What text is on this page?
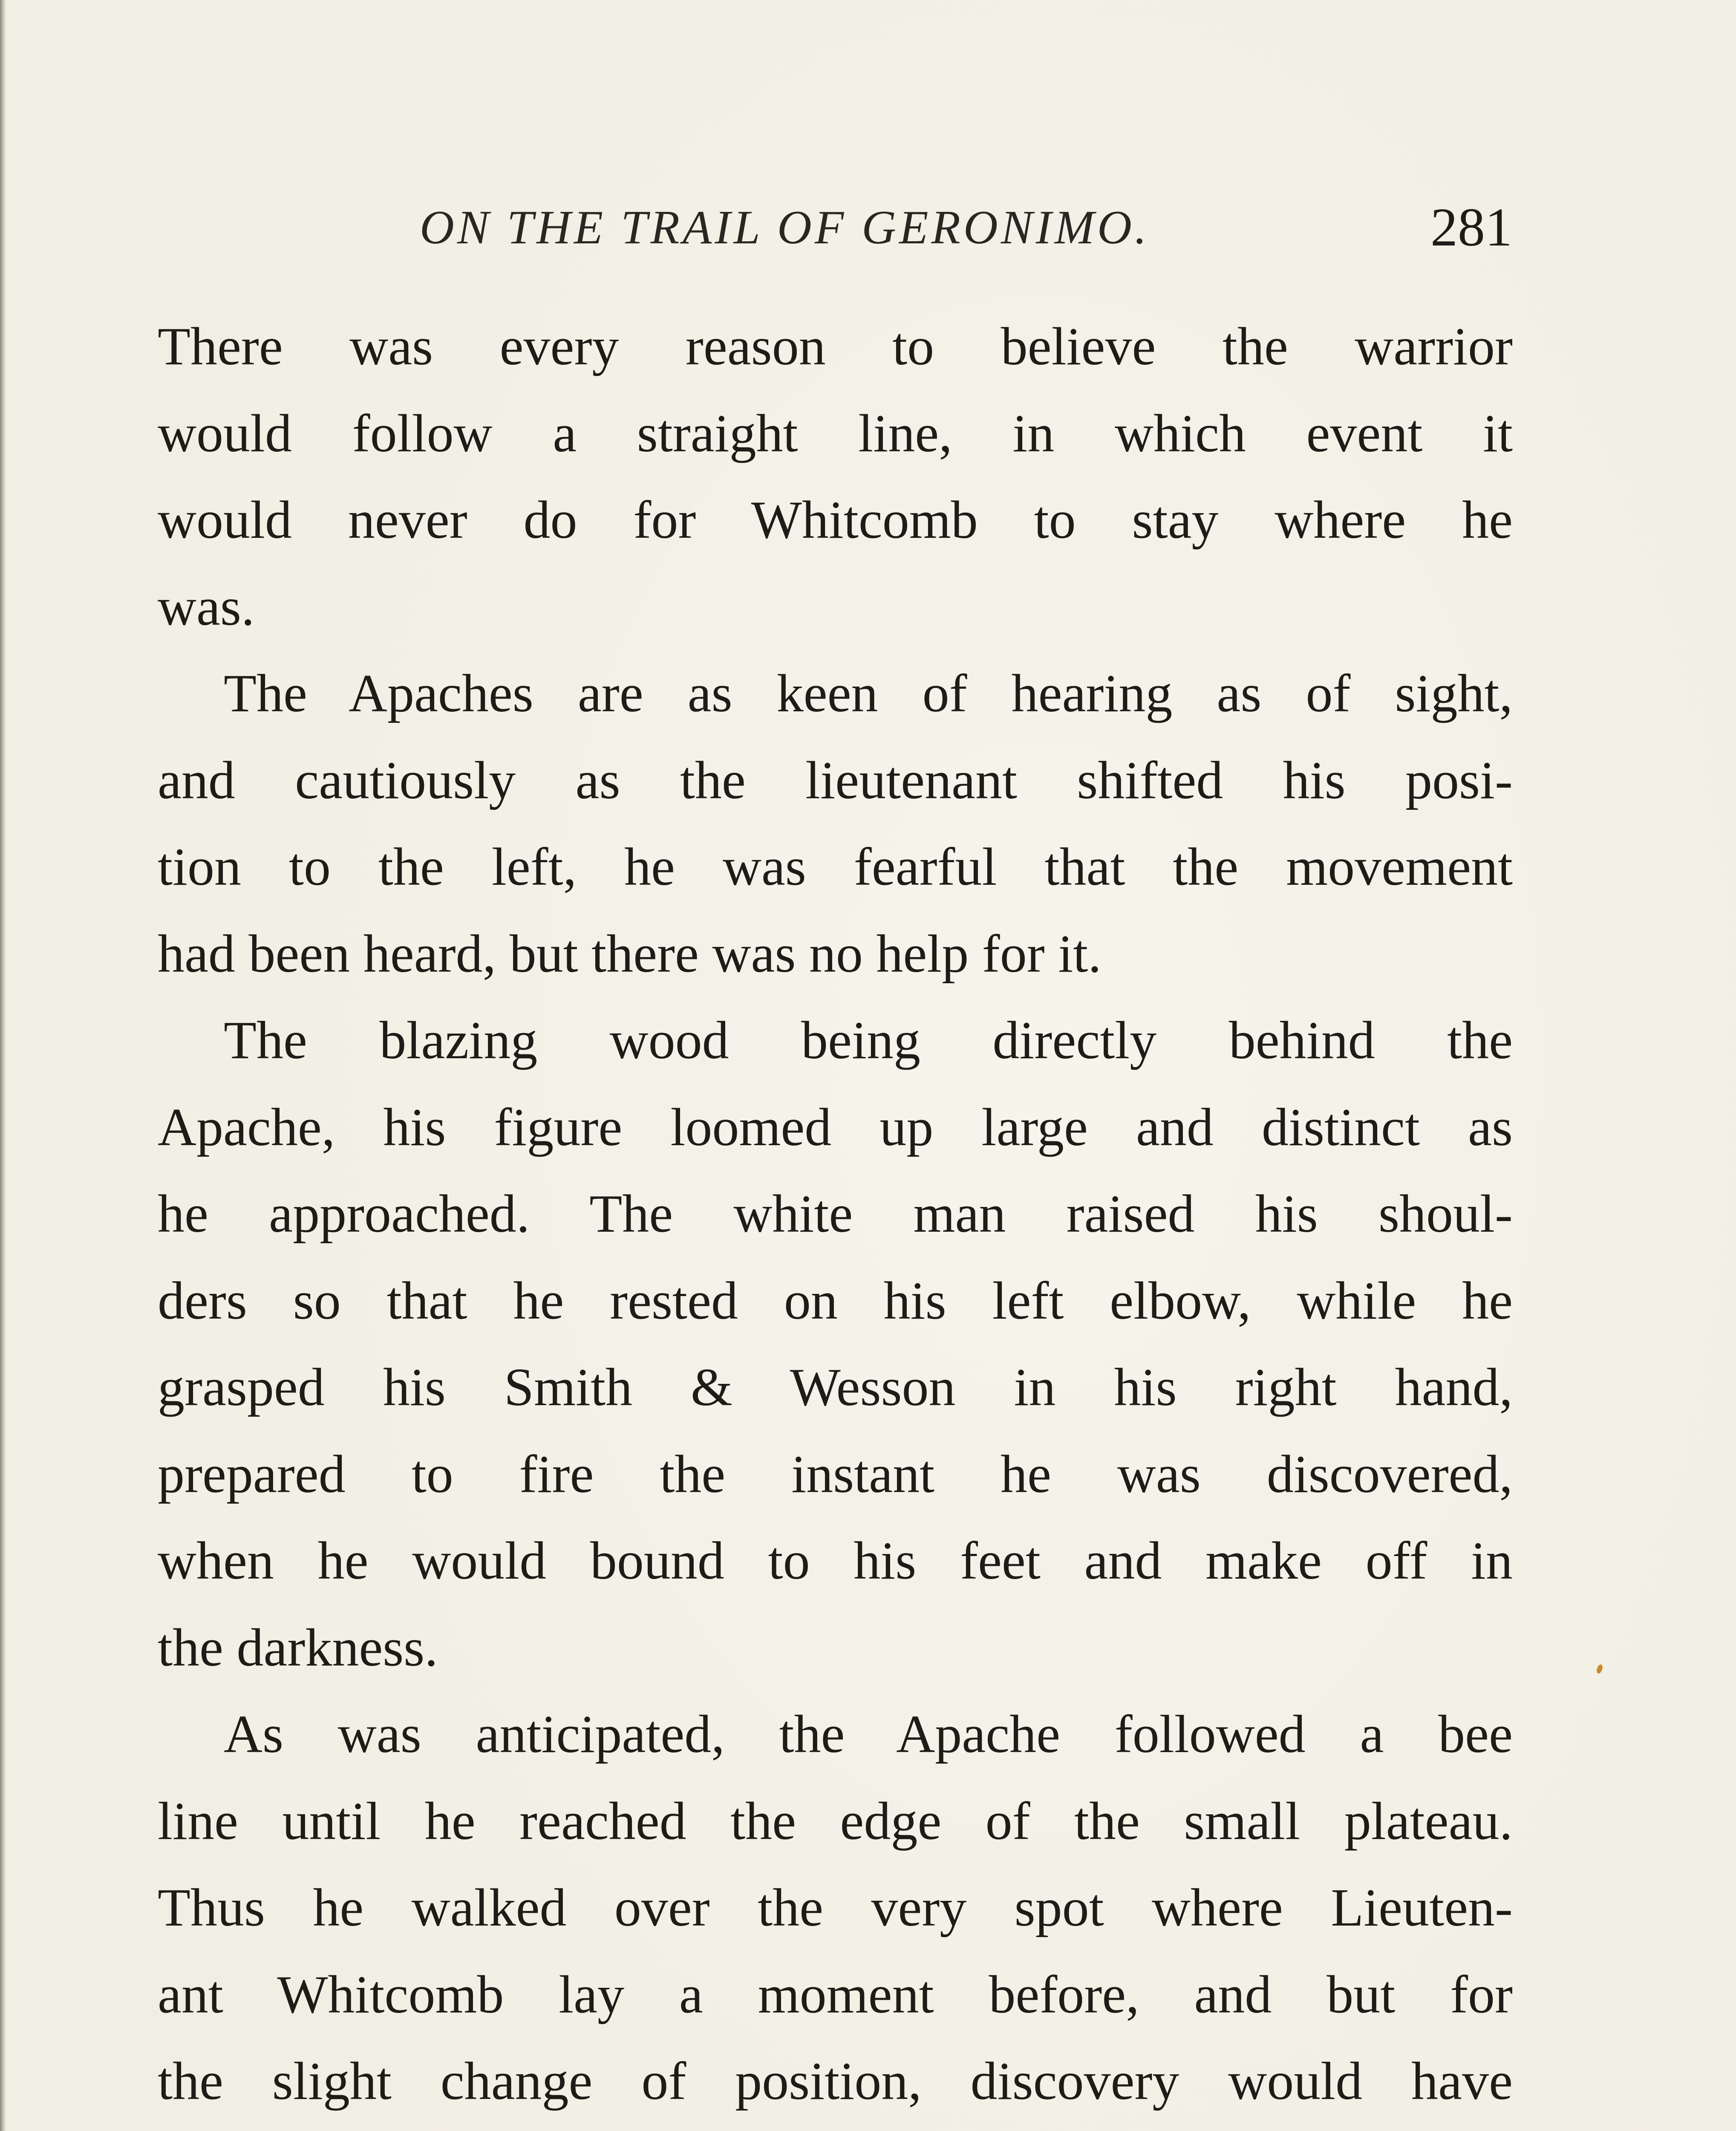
ON THE TRAIL OF GERONIMO.	281
There was every reason to believe the warrior
would follow a straight line, in which event it
would never do for Whitcomb to stay where he
was.
The Apaches are as keen of hearing as of sight,
and cautiously as the lieutenant shifted his posi-
tion to the left, he was fearful that the movement
had been heard, but there was no help for it.
The blazing wood being directly behind the
Apache, his figure loomed up large and distinct as
he approached. The white man raised his shoul-
ders so that he rested on his left elbow, while he
grasped his Smith & Wesson in his right hand,
prepared to fire the instant he was discovered,
when he would bound to his feet and make off in
the darkness.
As was anticipated, the Apache followed a bee
line until he reached the edge of the small plateau.
Thus he walked over the very spot where Lieuten-
ant Whitcomb lay a moment before, and but for
the slight change of position, discovery would have
